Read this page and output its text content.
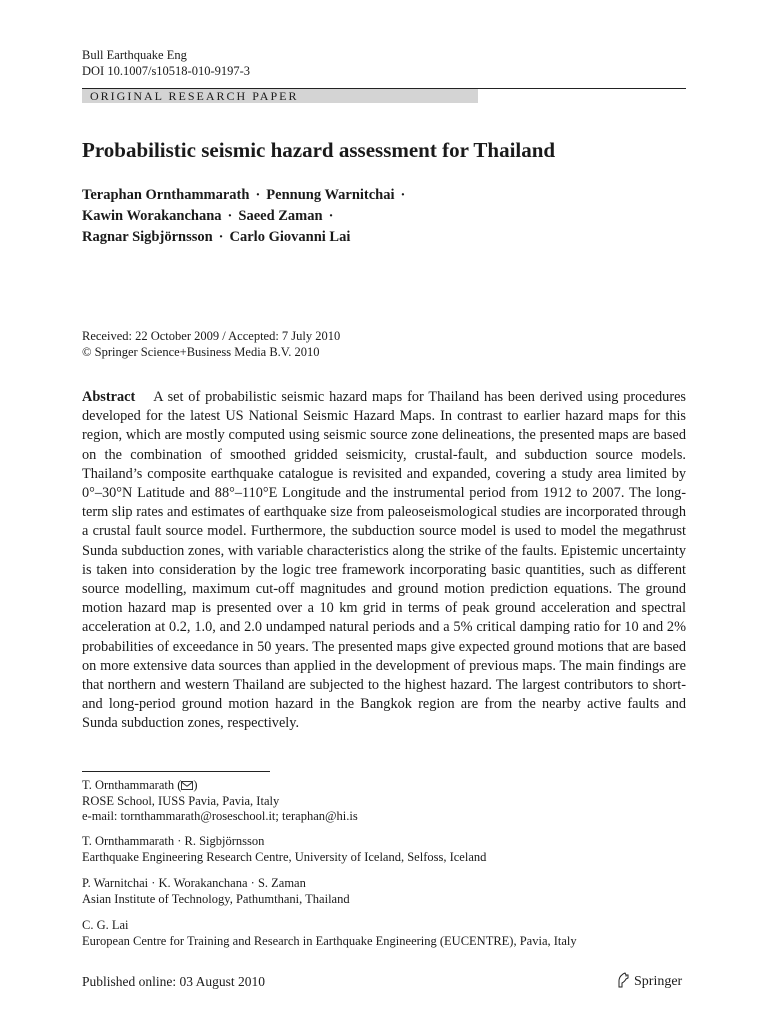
Bull Earthquake Eng
DOI 10.1007/s10518-010-9197-3
ORIGINAL RESEARCH PAPER
Probabilistic seismic hazard assessment for Thailand
Teraphan Ornthammarath · Pennung Warnitchai ·
Kawin Worakanchana · Saeed Zaman ·
Ragnar Sigbjörnsson · Carlo Giovanni Lai
Received: 22 October 2009 / Accepted: 7 July 2010
© Springer Science+Business Media B.V. 2010
Abstract A set of probabilistic seismic hazard maps for Thailand has been derived using procedures developed for the latest US National Seismic Hazard Maps. In contrast to earlier hazard maps for this region, which are mostly computed using seismic source zone delineations, the presented maps are based on the combination of smoothed gridded seismicity, crustal-fault, and subduction source models. Thailand’s composite earthquake catalogue is revisited and expanded, covering a study area limited by 0°–30°N Latitude and 88°–110°E Longitude and the instrumental period from 1912 to 2007. The long-term slip rates and estimates of earthquake size from paleoseismological studies are incorporated through a crustal fault source model. Furthermore, the subduction source model is used to model the megathrust Sunda subduction zones, with variable characteristics along the strike of the faults. Epistemic uncertainty is taken into consideration by the logic tree framework incorporating basic quantities, such as different source modelling, maximum cut-off magnitudes and ground motion prediction equations. The ground motion hazard map is presented over a 10 km grid in terms of peak ground acceleration and spectral acceleration at 0.2, 1.0, and 2.0 undamped natural periods and a 5% critical damping ratio for 10 and 2% probabilities of exceedance in 50 years. The presented maps give expected ground motions that are based on more extensive data sources than applied in the development of previous maps. The main findings are that northern and western Thailand are subjected to the highest hazard. The largest contributors to short- and long-period ground motion hazard in the Bangkok region are from the nearby active faults and Sunda subduction zones, respectively.
T. Ornthammarath ( )
ROSE School, IUSS Pavia, Pavia, Italy
e-mail: tornthammarath@roseschool.it; teraphan@hi.is
T. Ornthammarath · R. Sigbjörnsson
Earthquake Engineering Research Centre, University of Iceland, Selfoss, Iceland
P. Warnitchai · K. Worakanchana · S. Zaman
Asian Institute of Technology, Pathumthani, Thailand
C. G. Lai
European Centre for Training and Research in Earthquake Engineering (EUCENTRE), Pavia, Italy
Published online: 03 August 2010	Springer
